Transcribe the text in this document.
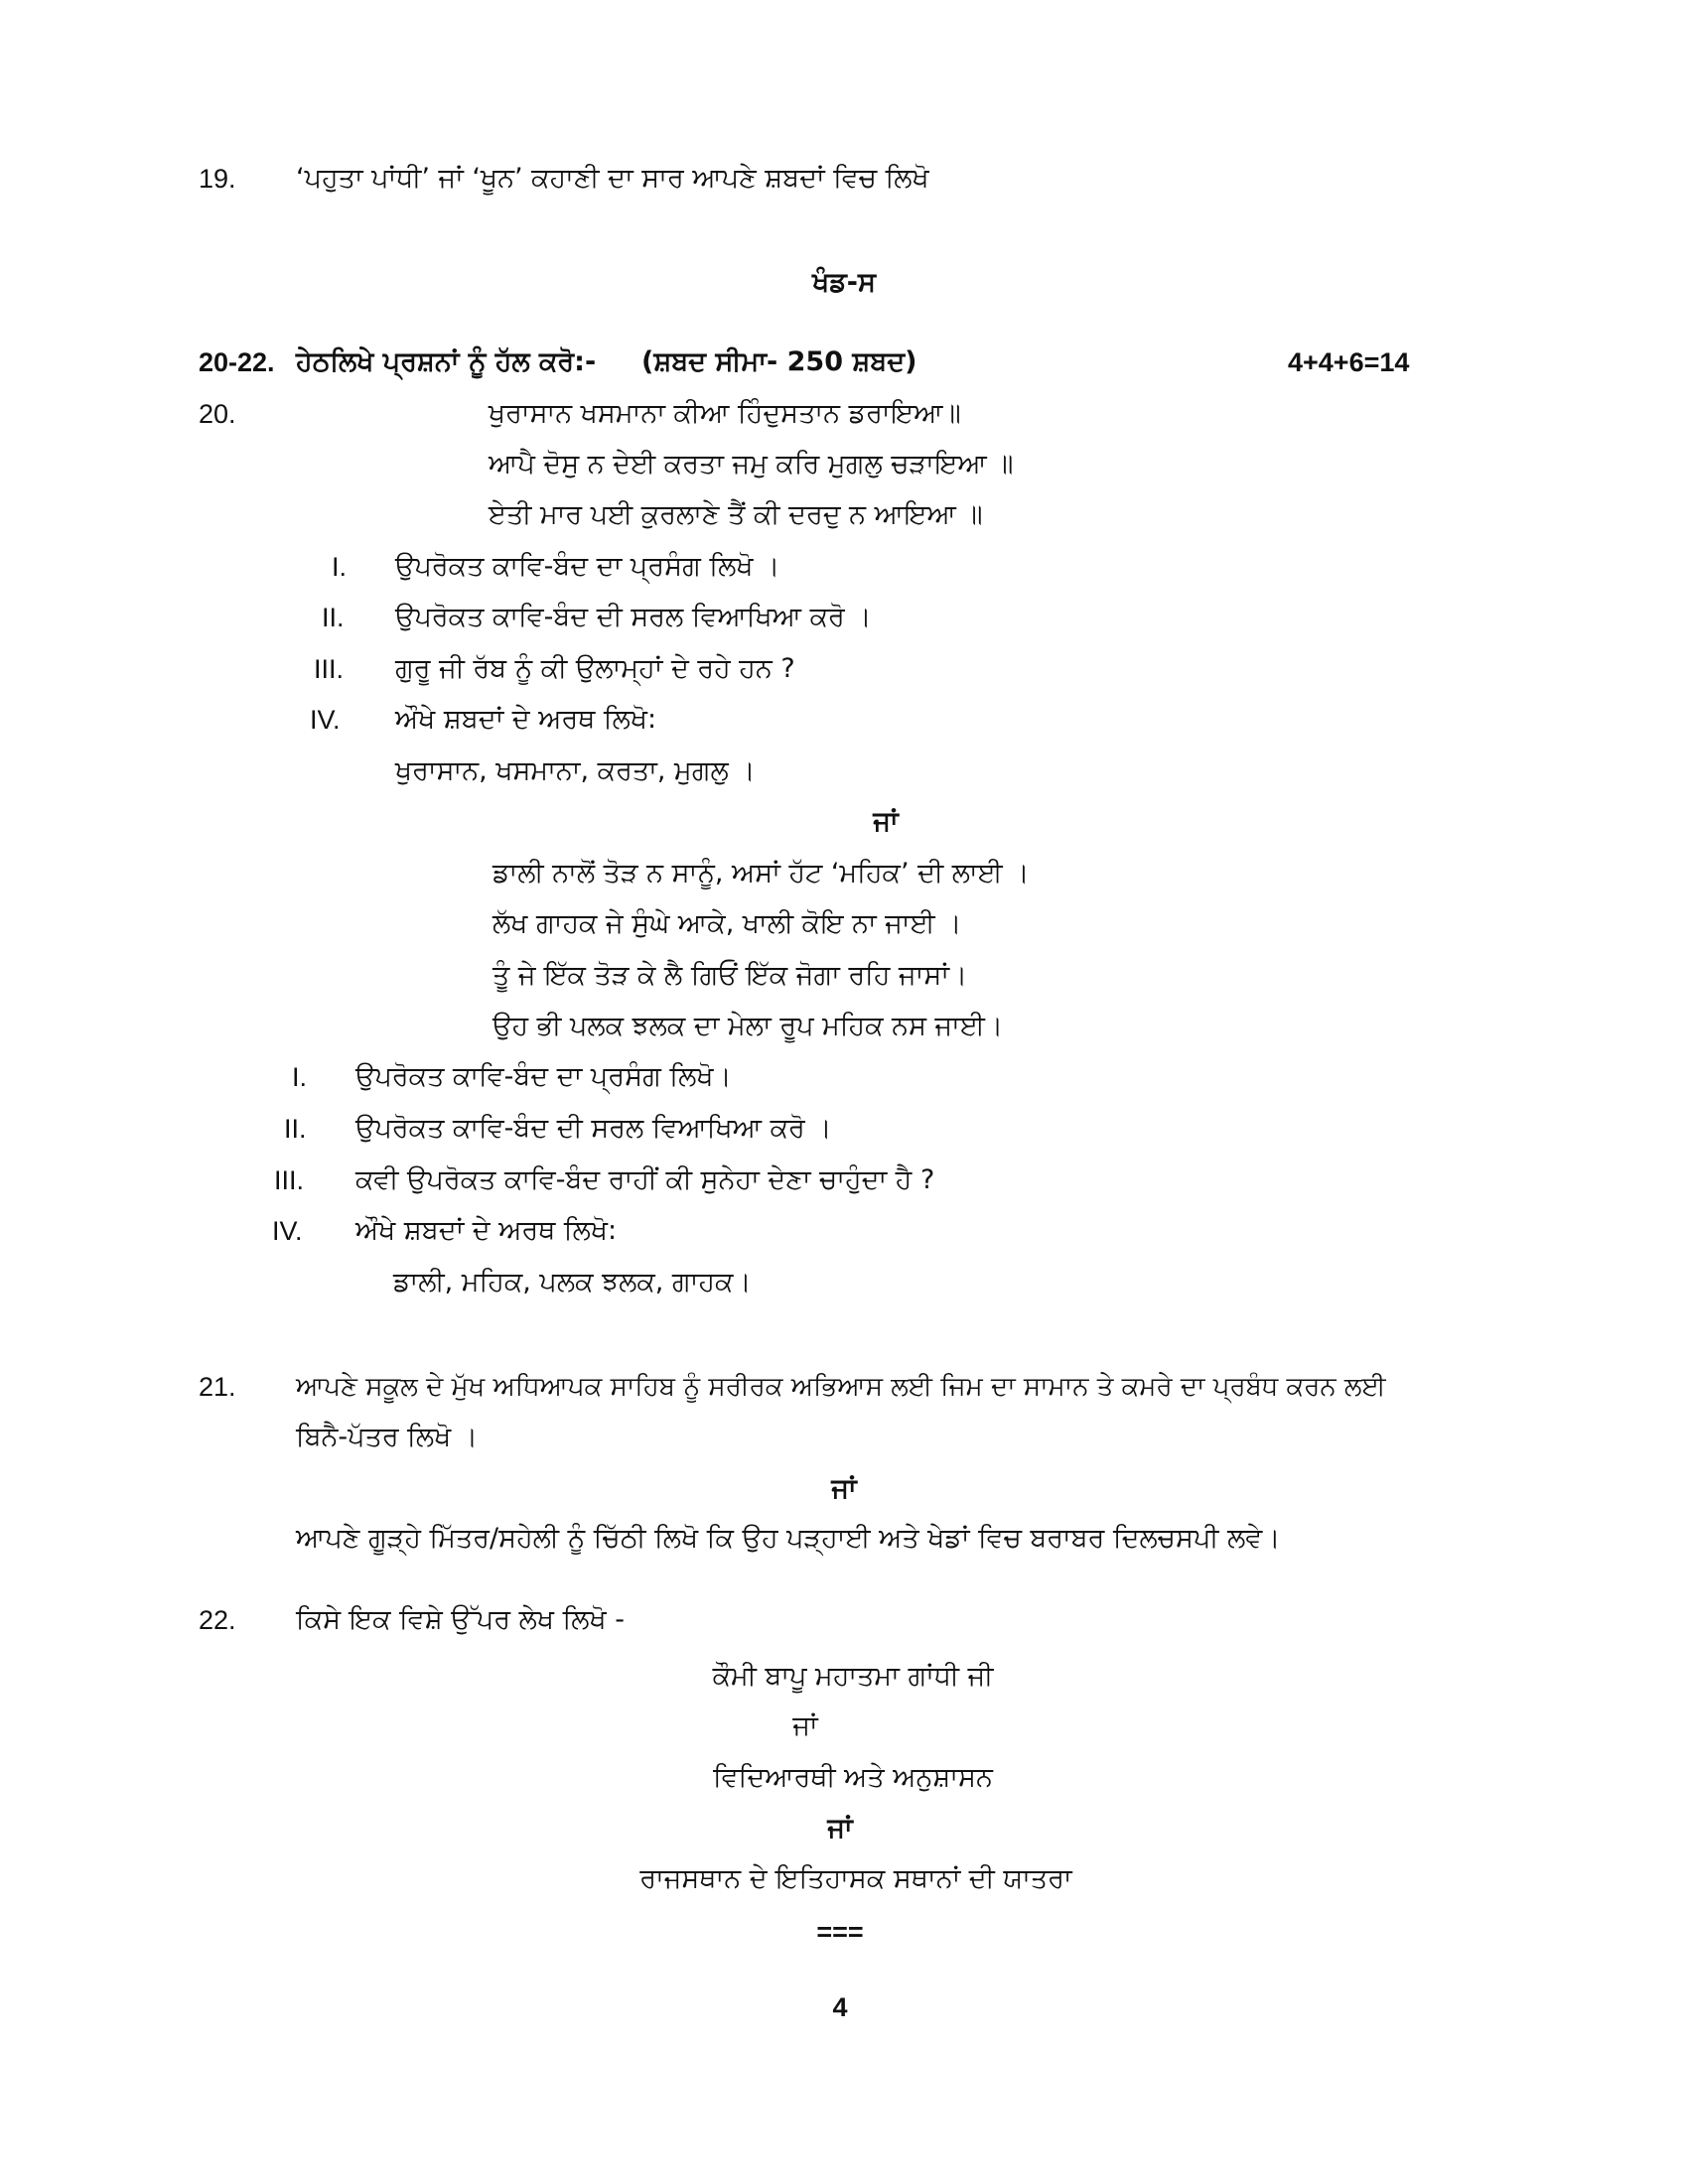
19. ‘ਪਹੁਤਾ ਪਾਂਧੀ’ ਜਾਂ ‘ਖੂਨ’ ਕਹਾਣੀ ਦਾ ਸਾਰ ਆਪਣੇ ਸ਼ਬਦਾਂ ਵਿਚ ਲਿਖੋ
ਖੰਡ-ਸ
20-22. ਹੇਠਲਿਖੇ ਪ੍ਰਸ਼ਨਾਂ ਨੂੰ ਹੱਲ ਕਰੋ:- (ਸ਼ਬਦ ਸੀਮਾ- 250 ਸ਼ਬਦ)	4+4+6=14
20.	ਖੁਰਾਸਾਨ ਖਸਮਾਨਾ ਕੀਆ ਹਿੰਦੁਸਤਾਨ ਡਰਾਇਆ॥
ਆਪੈ ਦੋਸੁ ਨ ਦੇਈ ਕਰਤਾ ਜਮੁ ਕਰਿ ਮੁਗਲੁ ਚੜਾਇਆ ॥
ਏਤੀ ਮਾਰ ਪਈ ਕੁਰਲਾਣੇ ਤੈਂ ਕੀ ਦਰਦੁ ਨ ਆਇਆ ॥
I. ਉਪਰੋਕਤ ਕਾਵਿ-ਬੰਦ ਦਾ ਪ੍ਰਸੰਗ ਲਿਖੋ ।
II. ਉਪਰੋਕਤ ਕਾਵਿ-ਬੰਦ ਦੀ ਸਰਲ ਵਿਆਖਿਆ ਕਰੋ ।
III. ਗੁਰੂ ਜੀ ਰੱਬ ਨੂੰ ਕੀ ਉਲਾਮ੍ਹਾਂ ਦੇ ਰਹੇ ਹਨ ?
IV. ਔਖੇ ਸ਼ਬਦਾਂ ਦੇ ਅਰਥ ਲਿਖੋ:
ਖੁਰਾਸਾਨ, ਖਸਮਾਨਾ, ਕਰਤਾ, ਮੁਗਲੁ ।
ਜਾਂ
ਡਾਲੀ ਨਾਲੋਂ ਤੋੜ ਨ ਸਾਨੂੰ, ਅਸਾਂ ਹੱਟ ‘ਮਹਿਕ’ ਦੀ ਲਾਈ ।
ਲੱਖ ਗਾਹਕ ਜੇ ਸੁੰਘੇ ਆਕੇ, ਖਾਲੀ ਕੋਇ ਨਾ ਜਾਈ ।
ਤੂੰ ਜੇ ਇੱਕ ਤੋੜ ਕੇ ਲੈ ਗਿਓਂ ਇੱਕ ਜੋਗਾ ਰਹਿ ਜਾਸਾਂ।
ਉਹ ਭੀ ਪਲਕ ਝਲਕ ਦਾ ਮੇਲਾ ਰੂਪ ਮਹਿਕ ਨਸ ਜਾਈ।
I. ਉਪਰੋਕਤ ਕਾਵਿ-ਬੰਦ ਦਾ ਪ੍ਰਸੰਗ ਲਿਖੋ।
II. ਉਪਰੋਕਤ ਕਾਵਿ-ਬੰਦ ਦੀ ਸਰਲ ਵਿਆਖਿਆ ਕਰੋ ।
III. ਕਵੀ ਉਪਰੋਕਤ ਕਾਵਿ-ਬੰਦ ਰਾਹੀਂ ਕੀ ਸੁਨੇਹਾ ਦੇਣਾ ਚਾਹੁੰਦਾ ਹੈ ?
IV. ਔਖੇ ਸ਼ਬਦਾਂ ਦੇ ਅਰਥ ਲਿਖੋ:
ਡਾਲੀ, ਮਹਿਕ, ਪਲਕ ਝਲਕ, ਗਾਹਕ।
21. ਆਪਣੇ ਸਕੂਲ ਦੇ ਮੁੱਖ ਅਧਿਆਪਕ ਸਾਹਿਬ ਨੂੰ ਸਰੀਰਕ ਅਭਿਆਸ ਲਈ ਜਿਮ ਦਾ ਸਾਮਾਨ ਤੇ ਕਮਰੇ ਦਾ ਪ੍ਰਬੰਧ ਕਰਨ ਲਈ
ਬਿਨੈ-ਪੱਤਰ ਲਿਖੋ ।
ਜਾਂ
ਆਪਣੇ ਗੂੜ੍ਹੇ ਮਿੱਤਰ/ਸਹੇਲੀ ਨੂੰ ਚਿੱਠੀ ਲਿਖੋ ਕਿ ਉਹ ਪੜ੍ਹਾਈ ਅਤੇ ਖੇਡਾਂ ਵਿਚ ਬਰਾਬਰ ਦਿਲਚਸਪੀ ਲਵੇ।
22. ਕਿਸੇ ਇਕ ਵਿਸ਼ੇ ਉੱਪਰ ਲੇਖ ਲਿਖੋ -
ਕੌਮੀ ਬਾਪੂ ਮਹਾਤਮਾ ਗਾਂਧੀ ਜੀ
ਜਾਂ
ਵਿਦਿਆਰਥੀ ਅਤੇ ਅਨੁਸ਼ਾਸਨ
ਜਾਂ
ਰਾਜਸਥਾਨ ਦੇ ਇਤਿਹਾਸਕ ਸਥਾਨਾਂ ਦੀ ਯਾਤਰਾ
===
4
